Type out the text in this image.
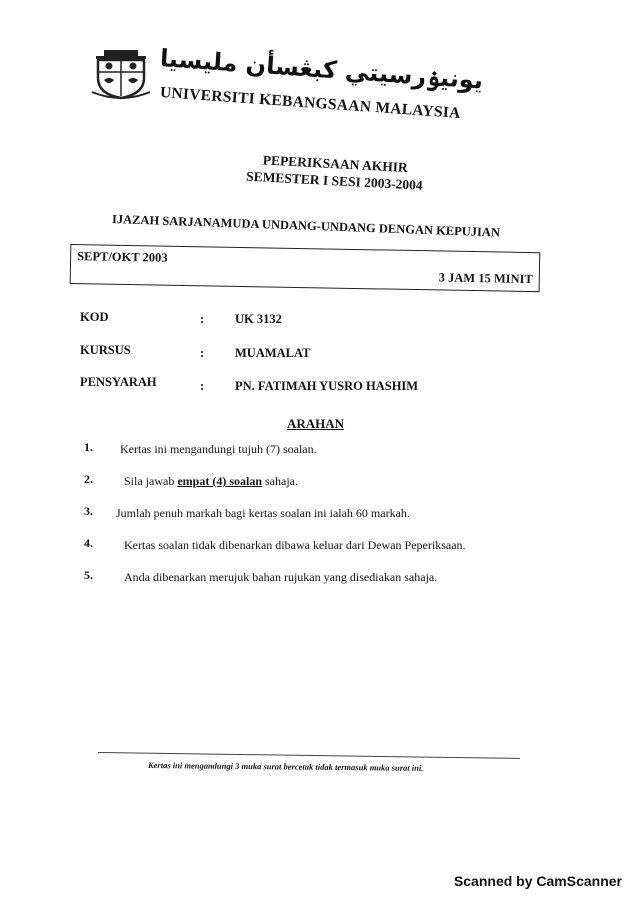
يونيۏرسيتي كبڠسأن مليسيا
UNIVERSITI KEBANGSAAN MALAYSIA
PEPERIKSAAN AKHIR
SEMESTER I SESI 2003-2004
IJAZAH SARJANAMUDA UNDANG-UNDANG DENGAN KEPUJIAN
SEPT/OKT 2003
3 JAM 15 MINIT
KOD	: UK 3132
KURSUS	: MUAMALAT
PENSYARAH	: PN. FATIMAH YUSRO HASHIM
ARAHAN
1. Kertas ini mengandungi tujuh (7) soalan.
2.	Sila jawab empat (4) soalan sahaja.
3. Jumlah penuh markah bagi kertas soalan ini ialah 60 markah.
4.	Kertas soalan tidak dibenarkan dibawa keluar dari Dewan Peperiksaan.
5.	Anda dibenarkan merujuk bahan rujukan yang disediakan sahaja.
Kertas ini mengandungi 3 muka surat bercetak tidak termasuk muka surat ini.
Scanned by CamScanner
